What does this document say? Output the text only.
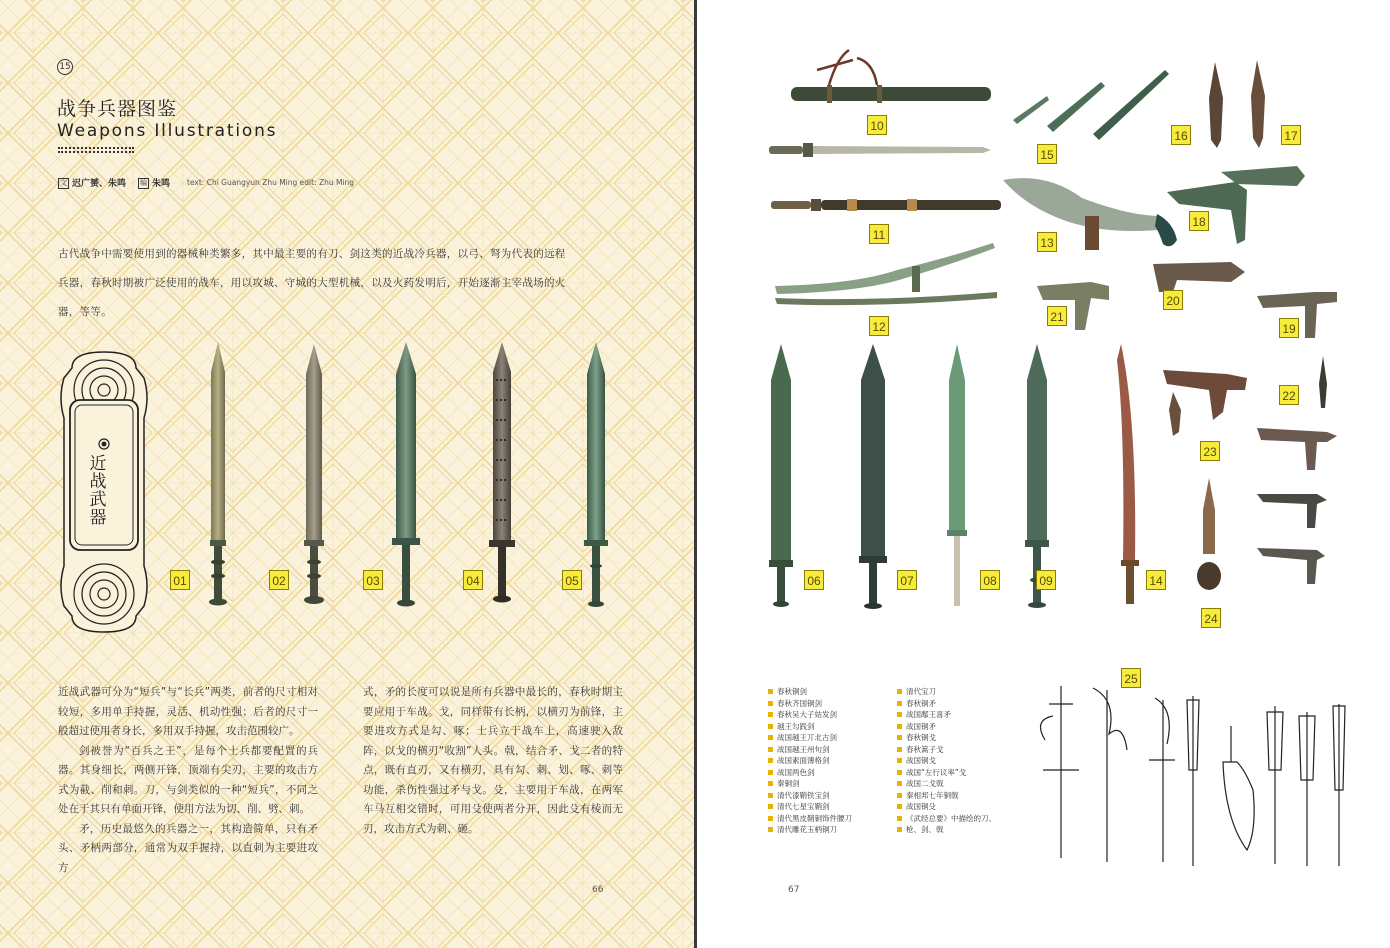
15
战争兵器图鉴
Weapons Illustrations
文 迟广赟、朱鸣 编 朱鸣 text: Chi Guangyun Zhu Ming edit: Zhu Ming
古代战争中需要使用到的器械种类繁多，其中最主要的有刀、剑这类的近战冷兵器，以弓、弩为代表的远程兵器，春秋时期被广泛使用的战车，用以攻城、守城的大型机械，以及火药发明后，开始逐渐主宰战场的火器，等等。
近战武器
01	02	03	04	05
近战武器可分为“短兵”与“长兵”两类，前者的尺寸相对较短，多用单手持握，灵活、机动性强；后者的尺寸一般超过使用者身长，多用双手持握，攻击范围较广。
剑被誉为“百兵之王”，是每个士兵都要配置的兵器。其身细长，两侧开锋，顶端有尖刃，主要的攻击方式为截、削和刺。刀，与剑类似的一种“短兵”，不同之处在于其只有单面开锋，使用方法为切、削、劈、刺。
矛，历史最悠久的兵器之一，其构造简单，只有矛头、矛柄两部分，通常为双手握持，以直刺为主要进攻方
式，矛的长度可以说是所有兵器中最长的，春秋时期主要应用于车战。戈，同样带有长柄，以横刃为前锋，主要进攻方式是勾、啄；士兵立于战车上，高速驶入敌阵，以戈的横刃“收割”人头。戟，结合矛、戈二者的特点，既有直刃，又有横刃，具有勾、刺、划、啄、刺等功能，杀伤性强过矛与戈。殳，主要用于车战，在两军车马互相交错时，可用殳使两者分开，因此殳有棱而无刃，攻击方式为刺、砸。
66
10
11
12
13
14
15
16	17
18
19
20
21
22
23
24
25
06	07	08	09
春秋铜剑
春秋齐国铜剑
春秋吴大子姑发剑
越王勾践剑
战国越王丌北古剑
战国越王州句剑
战国素面薄格剑
战国两色剑
秦铜剑
清代漆鞘铁宝剑
清代七星宝鞘剑
清代黑皮鞘铜饰件腰刀
清代雕花玉柄铜刀
清代宝刀
春秋铜矛
战国鄅王喜矛
战国铜矛
春秋铜戈
春秋篙子戈
战国铜戈
战国“左行议率”戈
战国二戈戟
秦相邦七年铜戟
战国铜殳
《武经总要》中描绘的刀、
枪、剑、戟
67
